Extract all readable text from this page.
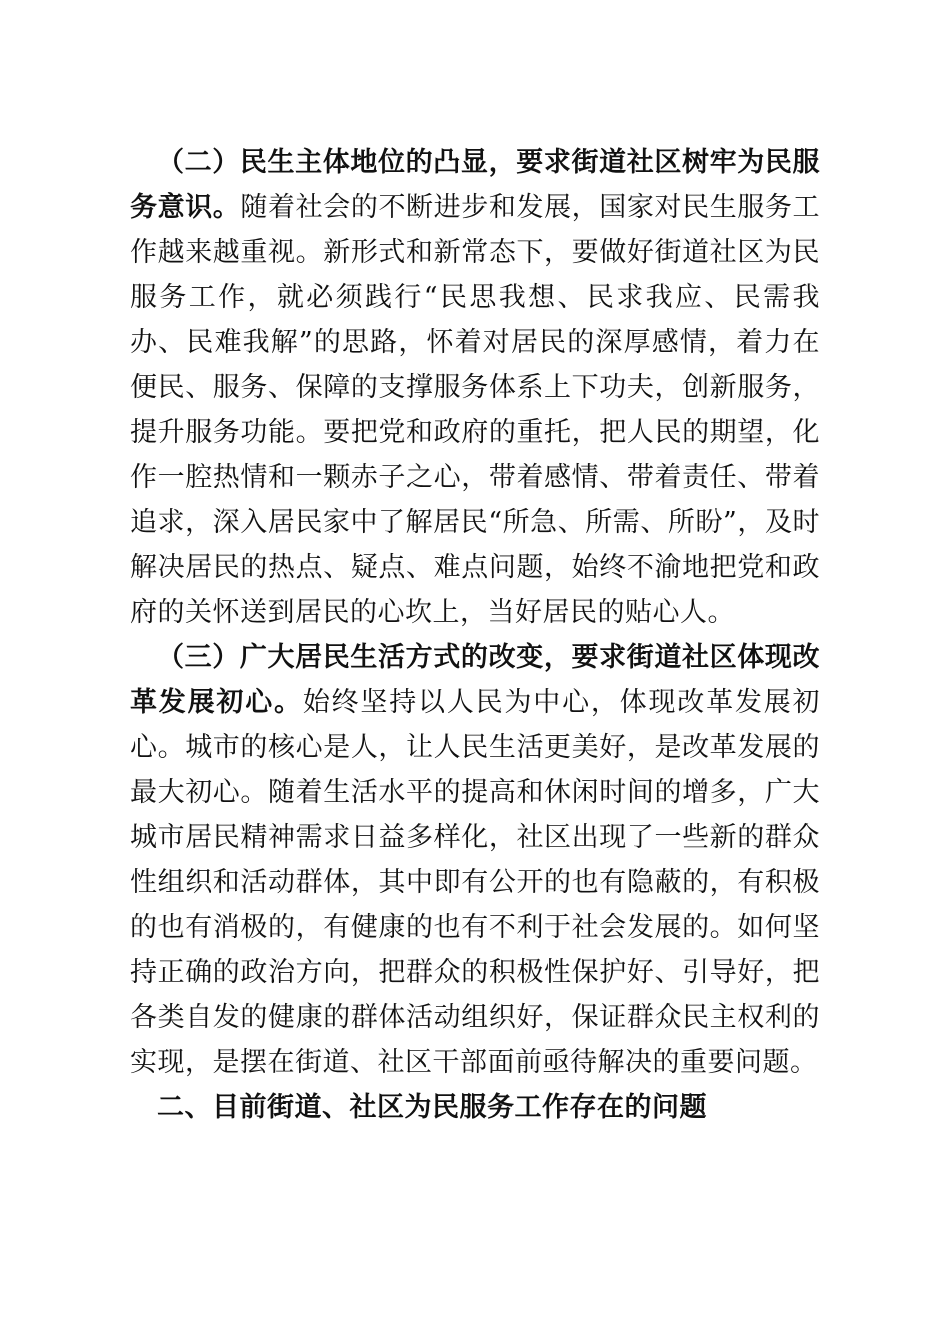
（二）民生主体地位的凸显，要求街道社区树牢为民服务意识。随着社会的不断进步和发展，国家对民生服务工作越来越重视。新形式和新常态下，要做好街道社区为民服务工作，就必须践行“民思我想、民求我应、民需我办、民难我解”的思路，怀着对居民的深厚感情，着力在便民、服务、保障的支撑服务体系上下功夫，创新服务，提升服务功能。要把党和政府的重托，把人民的期望，化作一腔热情和一颗赤子之心，带着感情、带着责任、带着追求，深入居民家中了解居民“所急、所需、所盼”，及时解决居民的热点、疑点、难点问题，始终不渝地把党和政府的关怀送到居民的心坎上，当好居民的贴心人。

（三）广大居民生活方式的改变，要求街道社区体现改革发展初心。始终坚持以人民为中心，体现改革发展初心。城市的核心是人，让人民生活更美好，是改革发展的最大初心。随着生活水平的提高和休闲时间的增多，广大城市居民精神需求日益多样化，社区出现了一些新的群众性组织和活动群体，其中即有公开的也有隐蔽的，有积极的也有消极的，有健康的也有不利于社会发展的。如何坚持正确的政治方向，把群众的积极性保护好、引导好，把各类自发的健康的群体活动组织好，保证群众民主权利的实现，是摆在街道、社区干部面前亟待解决的重要问题。

二、目前街道、社区为民服务工作存在的问题
